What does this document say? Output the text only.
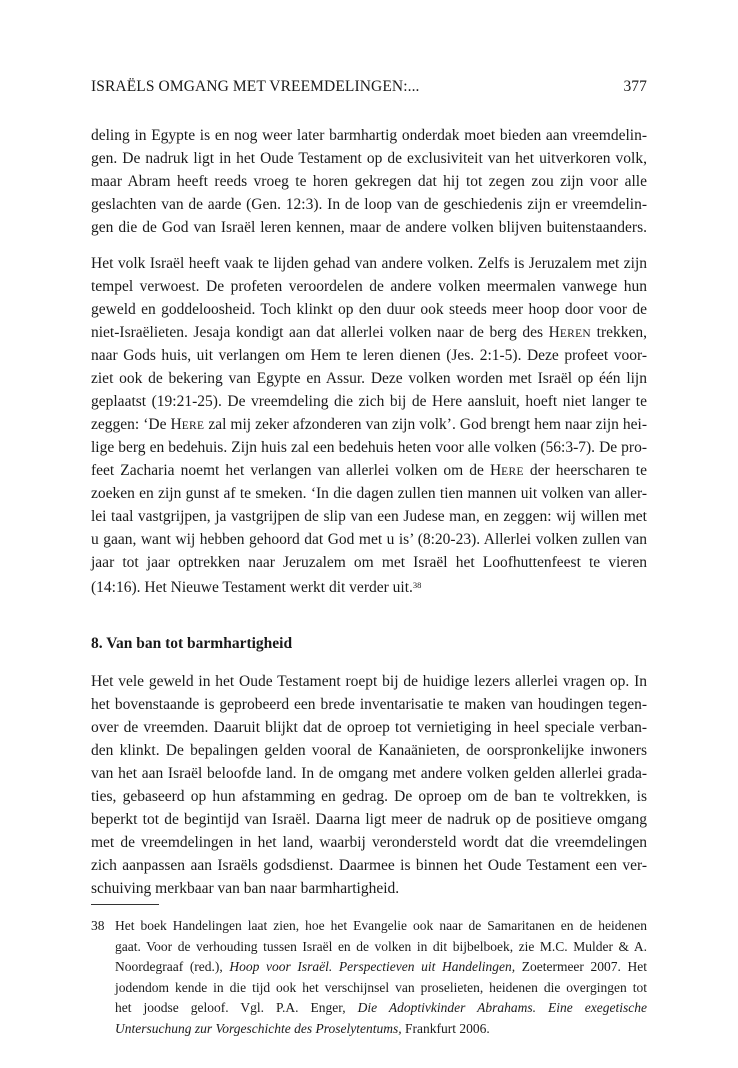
ISRAËLS OMGANG MET VREEMDELINGEN:...	377
deling in Egypte is en nog weer later barmhartig onderdak moet bieden aan vreemdelin-
gen. De nadruk ligt in het Oude Testament op de exclusiviteit van het uitverkoren volk,
maar Abram heeft reeds vroeg te horen gekregen dat hij tot zegen zou zijn voor alle
geslachten van de aarde (Gen. 12:3). In de loop van de geschiedenis zijn er vreemdelin-
gen die de God van Israël leren kennen, maar de andere volken blijven buitenstaanders.
Het volk Israël heeft vaak te lijden gehad van andere volken. Zelfs is Jeruzalem met zijn
tempel verwoest. De profeten veroordelen de andere volken meermalen vanwege hun
geweld en goddeloosheid. Toch klinkt op den duur ook steeds meer hoop door voor de
niet-Israëlieten. Jesaja kondigt aan dat allerlei volken naar de berg des HEREN trekken,
naar Gods huis, uit verlangen om Hem te leren dienen (Jes. 2:1-5). Deze profeet voor-
ziet ook de bekering van Egypte en Assur. Deze volken worden met Israël op één lijn
geplaatst (19:21-25). De vreemdeling die zich bij de Here aansluit, hoeft niet langer te
zeggen: ‘De HERE zal mij zeker afzonderen van zijn volk’. God brengt hem naar zijn hei-
lige berg en bedehuis. Zijn huis zal een bedehuis heten voor alle volken (56:3-7). De pro-
feet Zacharia noemt het verlangen van allerlei volken om de HERE der heerscharen te
zoeken en zijn gunst af te smeken. ‘In die dagen zullen tien mannen uit volken van aller-
lei taal vastgrijpen, ja vastgrijpen de slip van een Judese man, en zeggen: wij willen met
u gaan, want wij hebben gehoord dat God met u is’ (8:20-23). Allerlei volken zullen van
jaar tot jaar optrekken naar Jeruzalem om met Israël het Loofhuttenfeest te vieren
(14:16). Het Nieuwe Testament werkt dit verder uit.$^{38}$
8. Van ban tot barmhartigheid
Het vele geweld in het Oude Testament roept bij de huidige lezers allerlei vragen op. In
het bovenstaande is geprobeerd een brede inventarisatie te maken van houdingen tegen-
over de vreemden. Daaruit blijkt dat de oproep tot vernietiging in heel speciale verban-
den klinkt. De bepalingen gelden vooral de Kanaänieten, de oorspronkelijke inwoners
van het aan Israël beloofde land. In de omgang met andere volken gelden allerlei grada-
ties, gebaseerd op hun afstamming en gedrag. De oproep om de ban te voltrekken, is
beperkt tot de begintijd van Israël. Daarna ligt meer de nadruk op de positieve omgang
met de vreemdelingen in het land, waarbij verondersteld wordt dat die vreemdelingen
zich aanpassen aan Israëls godsdienst. Daarmee is binnen het Oude Testament een ver-
schuiving merkbaar van ban naar barmhartigheid.
38 Het boek Handelingen laat zien, hoe het Evangelie ook naar de Samaritanen en de heidenen
gaat. Voor de verhouding tussen Israël en de volken in dit bijbelboek, zie M.C. Mulder & A.
Noordegraaf (red.), Hoop voor Israël. Perspectieven uit Handelingen, Zoetermeer 2007. Het
jodendom kende in die tijd ook het verschijnsel van proselieten, heidenen die overgingen tot
het joodse geloof. Vgl. P.A. Enger, Die Adoptivkinder Abrahams. Eine exegetische
Untersuchung zur Vorgeschichte des Proselytentums, Frankfurt 2006.
